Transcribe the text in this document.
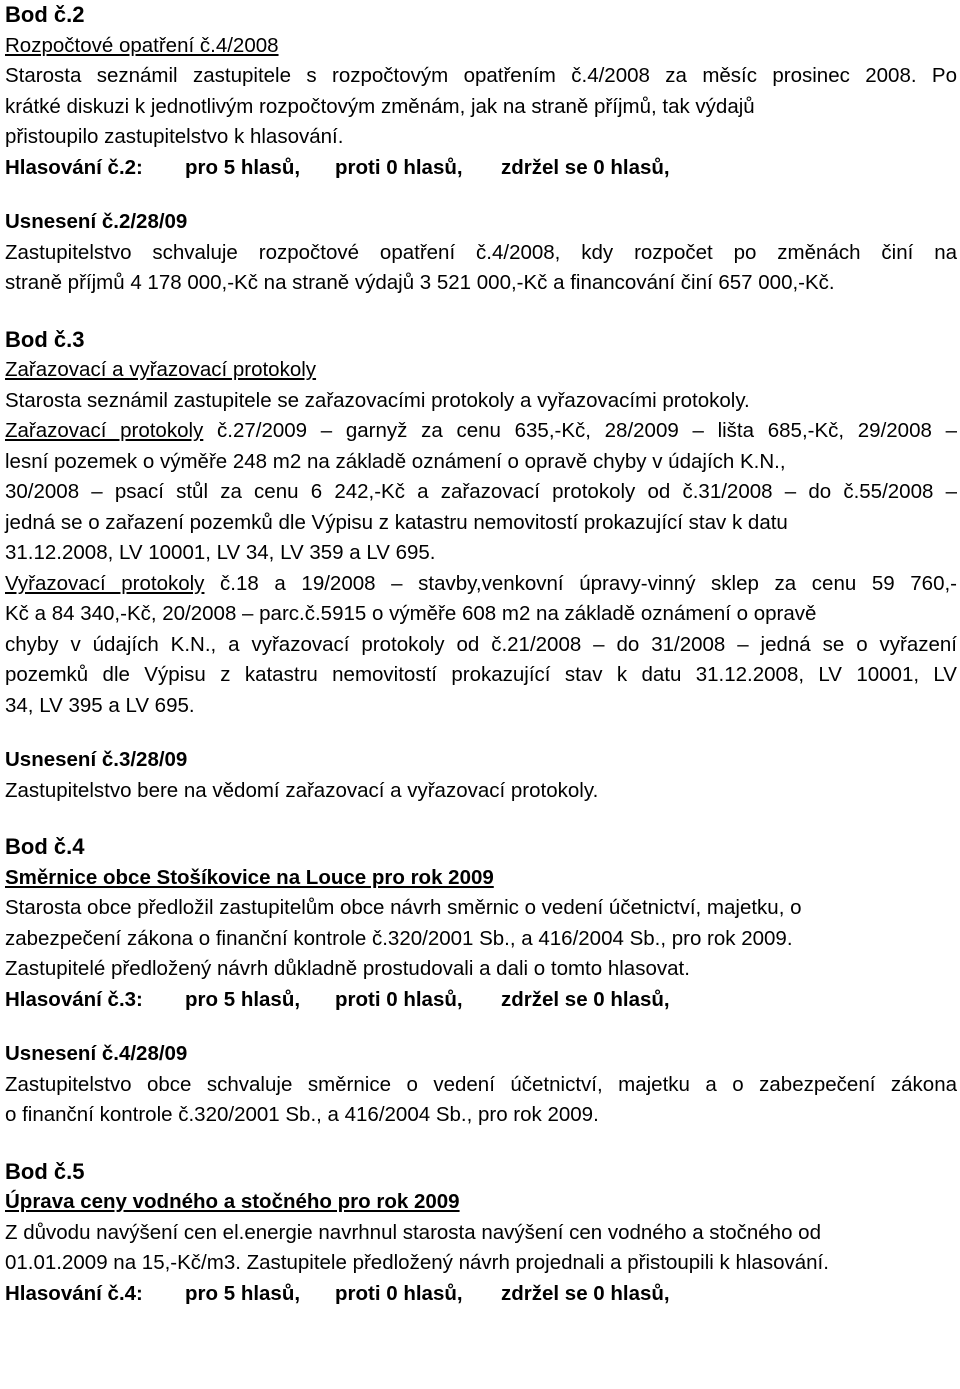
Bod č.2
Rozpočtové opatření č.4/2008
Starosta seznámil zastupitele s rozpočtovým opatřením č.4/2008 za měsíc prosinec 2008. Po
krátké diskuzi k jednotlivým rozpočtovým změnám, jak na straně příjmů, tak výdajů
přistoupilo zastupitelstvo k hlasování.
Hlasování č.2: pro 5 hlasů, proti 0 hlasů, zdržel se 0 hlasů,
Usnesení č.2/28/09
Zastupitelstvo schvaluje rozpočtové opatření č.4/2008, kdy rozpočet po změnách činí na
straně příjmů 4 178 000,-Kč na straně výdajů 3 521 000,-Kč a financování činí 657 000,-Kč.
Bod č.3
Zařazovací a vyřazovací protokoly
Starosta seznámil zastupitele se zařazovacími protokoly a vyřazovacími protokoly.
Zařazovací protokoly č.27/2009 – garnyž za cenu 635,-Kč, 28/2009 – lišta 685,-Kč, 29/2008 –
lesní pozemek o výměře 248 m2 na základě oznámení o opravě chyby v údajích K.N.,
30/2008 – psací stůl za cenu 6 242,-Kč a zařazovací protokoly od č.31/2008 – do č.55/2008 –
jedná se o zařazení pozemků dle Výpisu z katastru nemovitostí prokazující stav k datu
31.12.2008, LV 10001, LV 34, LV 359 a LV 695.
Vyřazovací protokoly č.18 a 19/2008 – stavby,venkovní úpravy-vinný sklep za cenu 59 760,-
Kč a 84 340,-Kč, 20/2008 – parc.č.5915 o výměře 608 m2 na základě oznámení o opravě
chyby v údajích K.N., a vyřazovací protokoly od č.21/2008 – do 31/2008 – jedná se o vyřazení
pozemků dle Výpisu z katastru nemovitostí prokazující stav k datu 31.12.2008, LV 10001, LV
34, LV 395 a LV 695.
Usnesení č.3/28/09
Zastupitelstvo bere na vědomí zařazovací a vyřazovací protokoly.
Bod č.4
Směrnice obce Stošíkovice na Louce pro rok 2009
Starosta obce předložil zastupitelům obce návrh směrnic o vedení účetnictví, majetku, o
zabezpečení zákona o finanční kontrole č.320/2001 Sb., a 416/2004 Sb., pro rok 2009.
Zastupitelé předložený návrh důkladně prostudovali a dali o tomto hlasovat.
Hlasování č.3: pro 5 hlasů, proti 0 hlasů, zdržel se 0 hlasů,
Usnesení č.4/28/09
Zastupitelstvo obce schvaluje směrnice o vedení účetnictví, majetku a o zabezpečení zákona
o finanční kontrole č.320/2001 Sb., a 416/2004 Sb., pro rok 2009.
Bod č.5
Úprava ceny vodného a stočného pro rok 2009
Z důvodu navýšení cen el.energie navrhnul starosta navýšení cen vodného a stočného od
01.01.2009 na 15,-Kč/m3. Zastupitele předložený návrh projednali a přistoupili k hlasování.
Hlasování č.4: pro 5 hlasů, proti 0 hlasů, zdržel se 0 hlasů,
